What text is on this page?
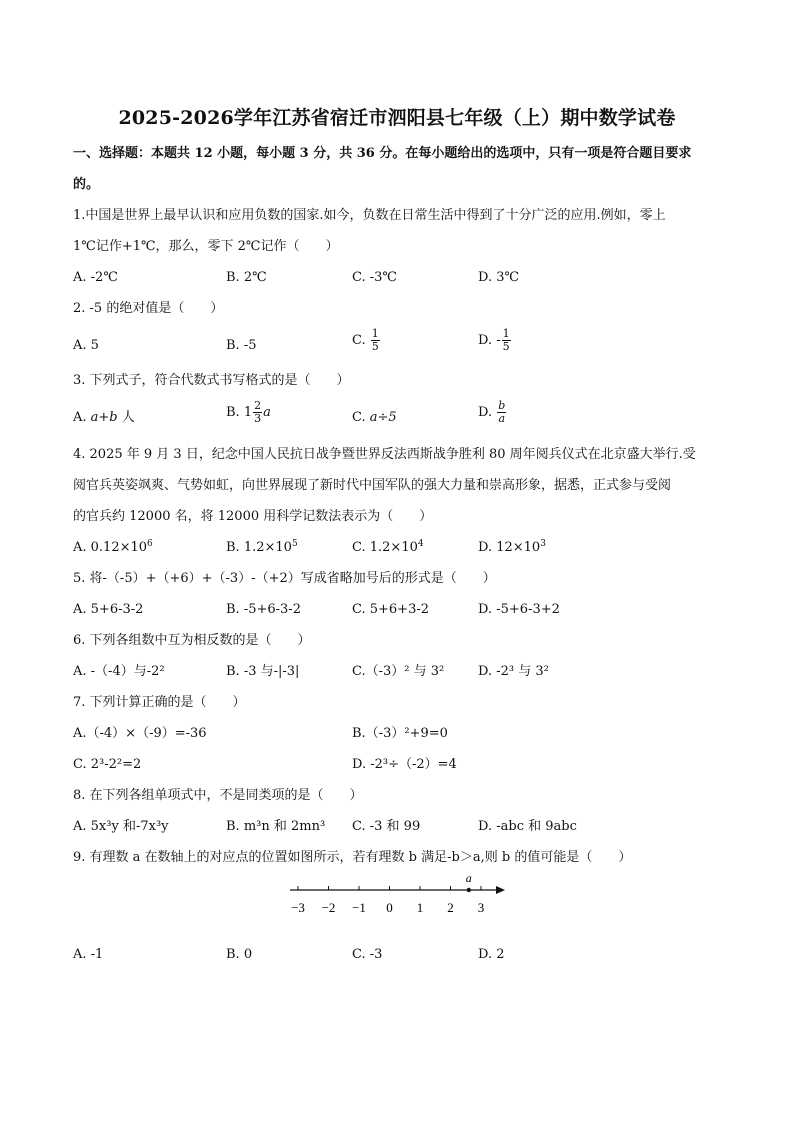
2025-2026学年江苏省宿迁市泗阳县七年级（上）期中数学试卷
一、选择题：本题共 12 小题，每小题 3 分，共 36 分。在每小题给出的选项中，只有一项是符合题目要求
的。
1.中国是世界上最早认识和应用负数的国家.如今，负数在日常生活中得到了十分广泛的应用.例如，零上
1℃记作+1℃，那么，零下 2℃记作（　　）
A. -2℃	B. 2℃	C. -3℃	D. 3℃
2. -5 的绝对值是（　　）
A. 5	B. -5	C. $\frac{1}{5}$	D. - $\frac{1}{5}$
3. 下列式子，符合代数式书写格式的是（　　）
A. a+b 人	B. $1 \frac{2}{3}$ a	C. a÷5	D. $\frac{b}{a}$
4. 2025 年 9 月 3 日，纪念中国人民抗日战争暨世界反法西斯战争胜利 80 周年阅兵仪式在北京盛大举行.受
阅官兵英姿飒爽、气势如虹，向世界展现了新时代中国军队的强大力量和崇高形象，据悉，正式参与受阅
的官兵约 12000 名，将 12000 用科学记数法表示为（　　）
A. $0.12\times 10^6$	B. $1.2\times 10^5$	C. $1.2\times 10^4$	D. $12\times 10^3$
5. 将-（-5）+（+6）+（-3）-（+2）写成省略加号后的形式是（　　）
A. 5+6-3-2	B. -5+6-3-2	C. 5+6+3-2	D. -5+6-3+2
6. 下列各组数中互为相反数的是（　　）
A. -（-4）与-2²	B. -3 与-|-3|	C.（-3）² 与 3²	D. -2³ 与 3²
7. 下列计算正确的是（　　）
A.（-4）×（-9）=-36	B.（-3）²+9=0
C. 2³-2²=2	D. -2³÷（-2）=4
8. 在下列各组单项式中，不是同类项的是（　　）
A. 5x³y 和-7x³y	B. m³n 和 2mn³ C. -3 和 99	D. -abc 和 9abc
9. 有理数 a 在数轴上的对应点的位置如图所示，若有理数 b 满足-b＞a,则 b 的值可能是（　　）
−3 −2 −1 0 1 2 3
a
A. -1	B. 0	C. -3	D. 2
